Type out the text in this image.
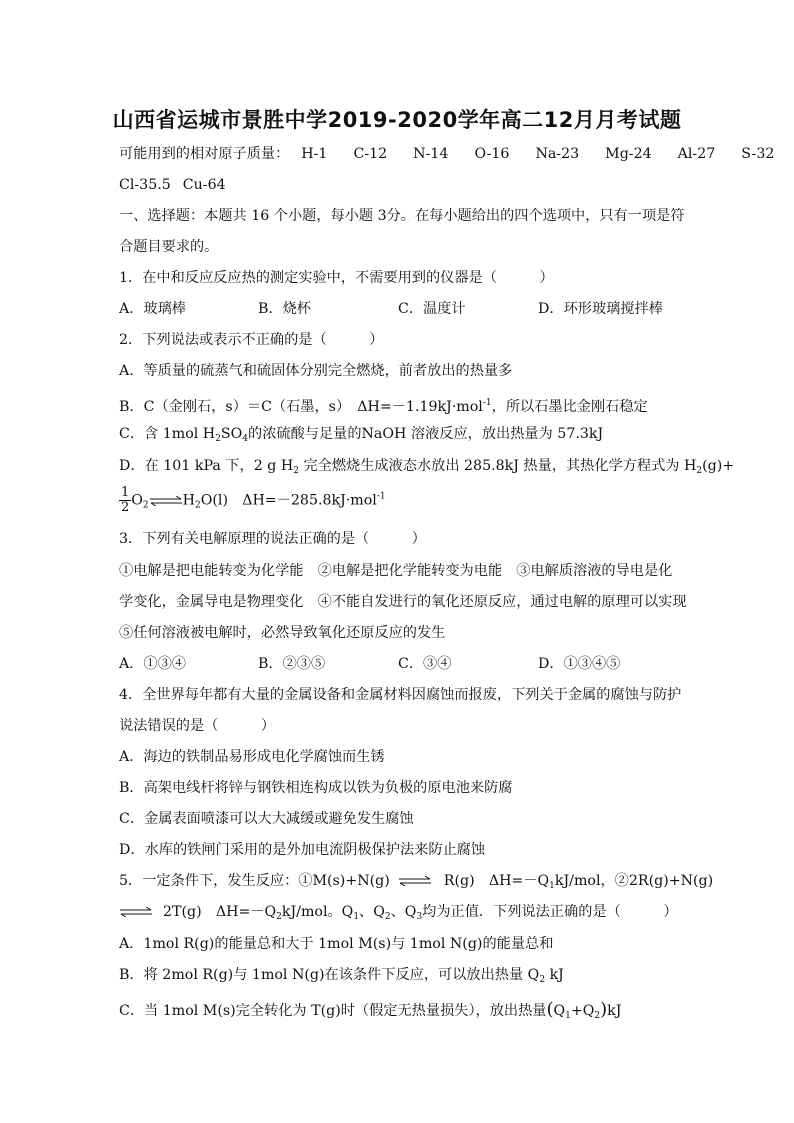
山西省运城市景胜中学2019-2020学年高二12月月考试题
可能用到的相对原子质量： H-1 C-12 N-14 O-16 Na-23 Mg-24 Al-27 S-32
Cl-35.5 Cu-64
一、选择题：本题共 16 个小题，每小题 3分。在每小题给出的四个选项中，只有一项是符
合题目要求的。
1．在中和反应反应热的测定实验中，不需要用到的仪器是（　　　）
A．玻璃棒	B．烧杯	C．温度计	D．环形玻璃搅拌棒
2．下列说法或表示不正确的是（　　　）
A．等质量的硫蒸气和硫固体分别完全燃烧，前者放出的热量多
B．C（金刚石，s）＝C（石墨，s）　ΔH=－1.19kJ·mol$^{-1}$，所以石墨比金刚石稳定
C．含 1mol $H_2SO_4$的浓硫酸与足量的NaOH 溶液反应，放出热量为 57.3kJ
D．在 101 kPa 下，2 g $H_2$ 完全燃烧生成液态水放出 285.8kJ 热量，其热化学方程式为 $H_2(g)+$
$\frac{1}{2}$ $O_2\rightleftharpoons H_2O(l)$　ΔH=－285.8kJ·mol$^{-1}$
3．下列有关电解原理的说法正确的是（　　　）
①电解是把电能转变为化学能　②电解是把化学能转变为电能　③电解质溶液的导电是化
学变化，金属导电是物理变化　④不能自发进行的氧化还原反应，通过电解的原理可以实现
⑤任何溶液被电解时，必然导致氧化还原反应的发生
A．①③④	B．②③⑤	C．③④	D．①③④⑤
4．全世界每年都有大量的金属设备和金属材料因腐蚀而报废，下列关于金属的腐蚀与防护
说法错误的是（　　　）
A．海边的铁制品易形成电化学腐蚀而生锈
B．高架电线杆将锌与钢铁相连构成以铁为负极的原电池来防腐
C．金属表面喷漆可以大大减缓或避免发生腐蚀
D．水库的铁闸门采用的是外加电流阴极保护法来防止腐蚀
5．一定条件下，发生反应：①M(s)+N(g) ⇌ R(g)　$\Delta H=-Q_1kJ$/mol，②2R(g)+N(g)
⇌ 2T(g)　$\Delta H=-Q_2kJ$/mol。$Q_1$、$Q_2$、$Q_3$均为正值．下列说法正确的是（　　　）
A．1mol R(g)的能量总和大于 1mol M(s)与 1mol N(g)的能量总和
B．将 2mol R(g)与 1mol N(g)在该条件下反应，可以放出热量 $Q_2$ kJ
C．当 1mol M(s)完全转化为 T(g)时（假定无热量损失），放出热量$(Q_1+Q_2)kJ$
